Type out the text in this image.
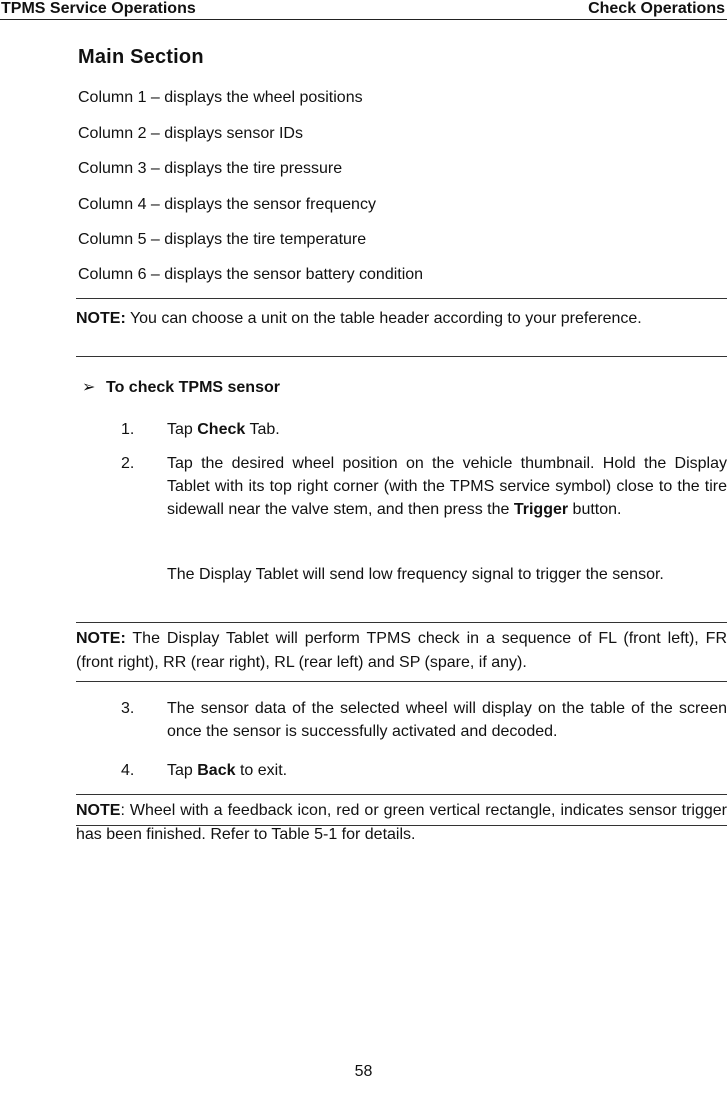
TPMS Service Operations	Check Operations
Main Section
Column 1 – displays the wheel positions
Column 2 – displays sensor IDs
Column 3 – displays the tire pressure
Column 4 – displays the sensor frequency
Column 5 – displays the tire temperature
Column 6 – displays the sensor battery condition
NOTE: You can choose a unit on the table header according to your preference.
➢ To check TPMS sensor
1.	Tap Check Tab.
2.	Tap the desired wheel position on the vehicle thumbnail. Hold the Display Tablet with its top right corner (with the TPMS service symbol) close to the tire sidewall near the valve stem, and then press the Trigger button.
The Display Tablet will send low frequency signal to trigger the sensor.
NOTE: The Display Tablet will perform TPMS check in a sequence of FL (front left), FR (front right), RR (rear right), RL (rear left) and SP (spare, if any).
3.	The sensor data of the selected wheel will display on the table of the screen once the sensor is successfully activated and decoded.
4.	Tap Back to exit.
NOTE: Wheel with a feedback icon, red or green vertical rectangle, indicates sensor trigger has been finished. Refer to Table 5-1 for details.
58
